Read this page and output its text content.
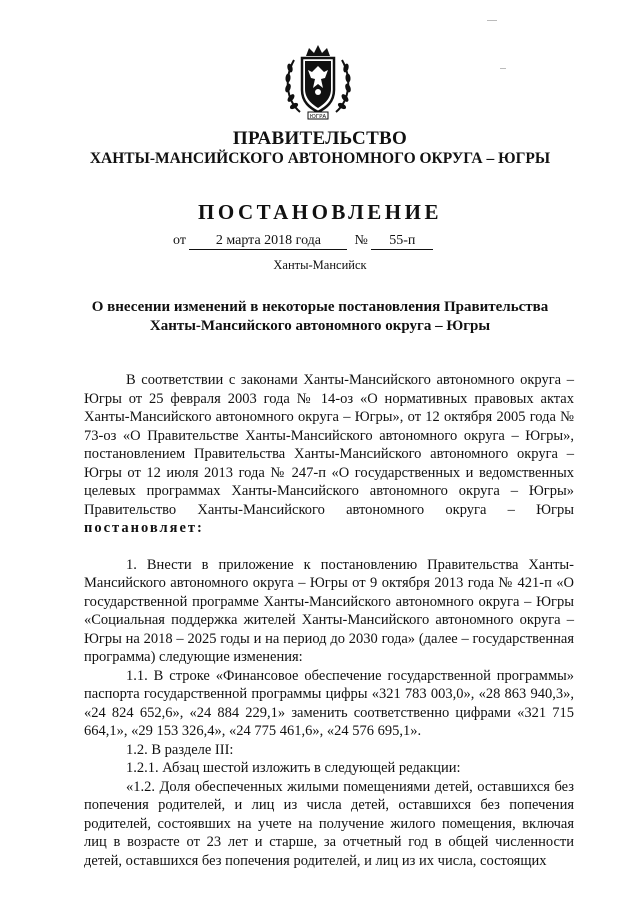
ЮГРА
ПРАВИТЕЛЬСТВО
ХАНТЫ-МАНСИЙСКОГО АВТОНОМНОГО ОКРУГА – ЮГРЫ
ПОСТАНОВЛЕНИЕ
от 2 марта 2018 года № 55-п
Ханты-Мансийск
О внесении изменений в некоторые постановления Правительства
Ханты-Мансийского автономного округа – Югры

В соответствии с законами Ханты-Мансийского автономного округа – Югры от 25 февраля 2003 года № 14-оз «О нормативных правовых актах Ханты-Мансийского автономного округа – Югры», от 12 октября 2005 года № 73-оз «О Правительстве Ханты-Мансийского автономного округа – Югры», постановлением Правительства Ханты-Мансийского автономного округа – Югры от 12 июля 2013 года № 247-п «О государственных и ведомственных целевых программах Ханты-Мансийского автономного округа – Югры» Правительство Ханты-Мансийского автономного округа – Югры постановляет:

1. Внести в приложение к постановлению Правительства Ханты-Мансийского автономного округа – Югры от 9 октября 2013 года № 421-п «О государственной программе Ханты-Мансийского автономного округа – Югры «Социальная поддержка жителей Ханты-Мансийского автономного округа – Югры на 2018 – 2025 годы и на период до 2030 года» (далее – государственная программа) следующие изменения:

1.1. В строке «Финансовое обеспечение государственной программы» паспорта государственной программы цифры «321 783 003,0», «28 863 940,3», «24 824 652,6», «24 884 229,1» заменить соответственно цифрами «321 715 664,1», «29 153 326,4», «24 775 461,6», «24 576 695,1».

1.2. В разделе III:

1.2.1. Абзац шестой изложить в следующей редакции:

«1.2. Доля обеспеченных жилыми помещениями детей, оставшихся без попечения родителей, и лиц из числа детей, оставшихся без попечения родителей, состоявших на учете на получение жилого помещения, включая лиц в возрасте от 23 лет и старше, за отчетный год в общей численности детей, оставшихся без попечения родителей, и лиц из их числа, состоящих
